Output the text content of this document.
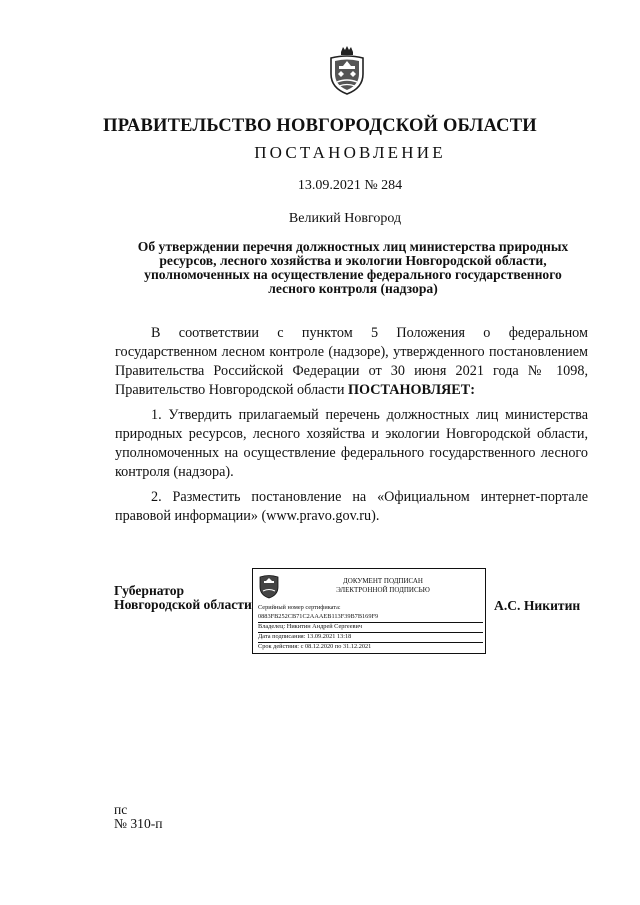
ПРАВИТЕЛЬСТВО НОВГОРОДСКОЙ ОБЛАСТИ
ПОСТАНОВЛЕНИЕ
13.09.2021 № 284
Великий Новгород
Об утверждении перечня должностных лиц министерства природных
ресурсов, лесного хозяйства и экологии Новгородской области,
уполномоченных на осуществление федерального государственного
лесного контроля (надзора)

В соответствии с пунктом 5 Положения о федеральном государственном лесном контроле (надзоре), утвержденного постановлением Правительства Российской Федерации от 30 июня 2021 года № 1098, Правительство Новгородской области ПОСТАНОВЛЯЕТ:

1. Утвердить прилагаемый перечень должностных лиц министерства природных ресурсов, лесного хозяйства и экологии Новгородской области, уполномоченных на осуществление федерального государственного лесного контроля (надзора).

2. Разместить постановление на «Официальном интернет-портале правовой информации» (www.pravo.gov.ru).

Губернатор
Новгородской области
ДОКУМЕНТ ПОДПИСАН
ЭЛЕКТРОННОЙ ПОДПИСЬЮ
Серийный номер сертификата:
0883FB252CB71C2AAAEB113F39B7B169F9
Владелец: Никитин Андрей Сергеевич
Дата подписания: 13.09.2021 13:18
Срок действия: с 08.12.2020 по 31.12.2021
А.С. Никитин
пс
№ 310-п
